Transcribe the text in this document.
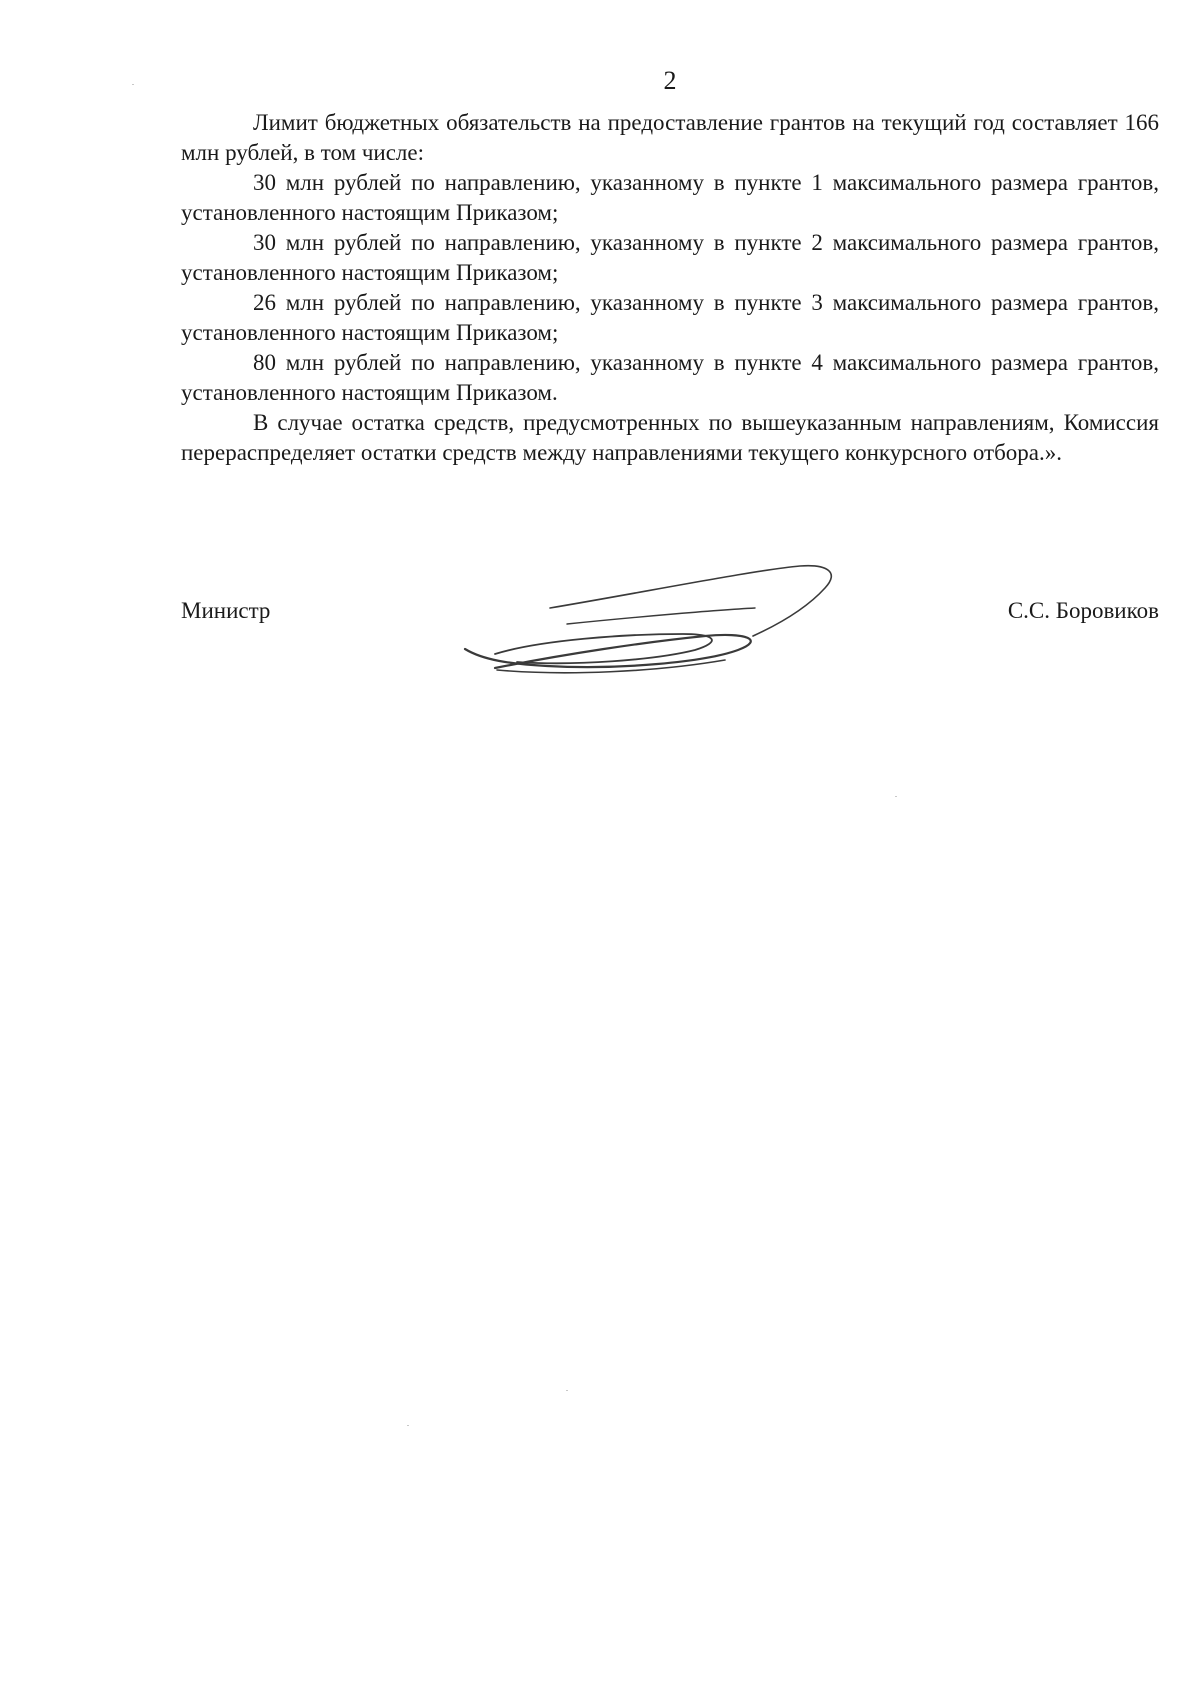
2

Лимит бюджетных обязательств на предоставление грантов на текущий год составляет 166 млн рублей, в том числе:

30 млн рублей по направлению, указанному в пункте 1 максимального размера грантов, установленного настоящим Приказом;

30 млн рублей по направлению, указанному в пункте 2 максимального размера грантов, установленного настоящим Приказом;

26 млн рублей по направлению, указанному в пункте 3 максимального размера грантов, установленного настоящим Приказом;

80 млн рублей по направлению, указанному в пункте 4 максимального размера грантов, установленного настоящим Приказом.

В случае остатка средств, предусмотренных по вышеуказанным направлениям, Комиссия перераспределяет остатки средств между направлениями текущего конкурсного отбора.».

Министр	С.С. Боровиков
